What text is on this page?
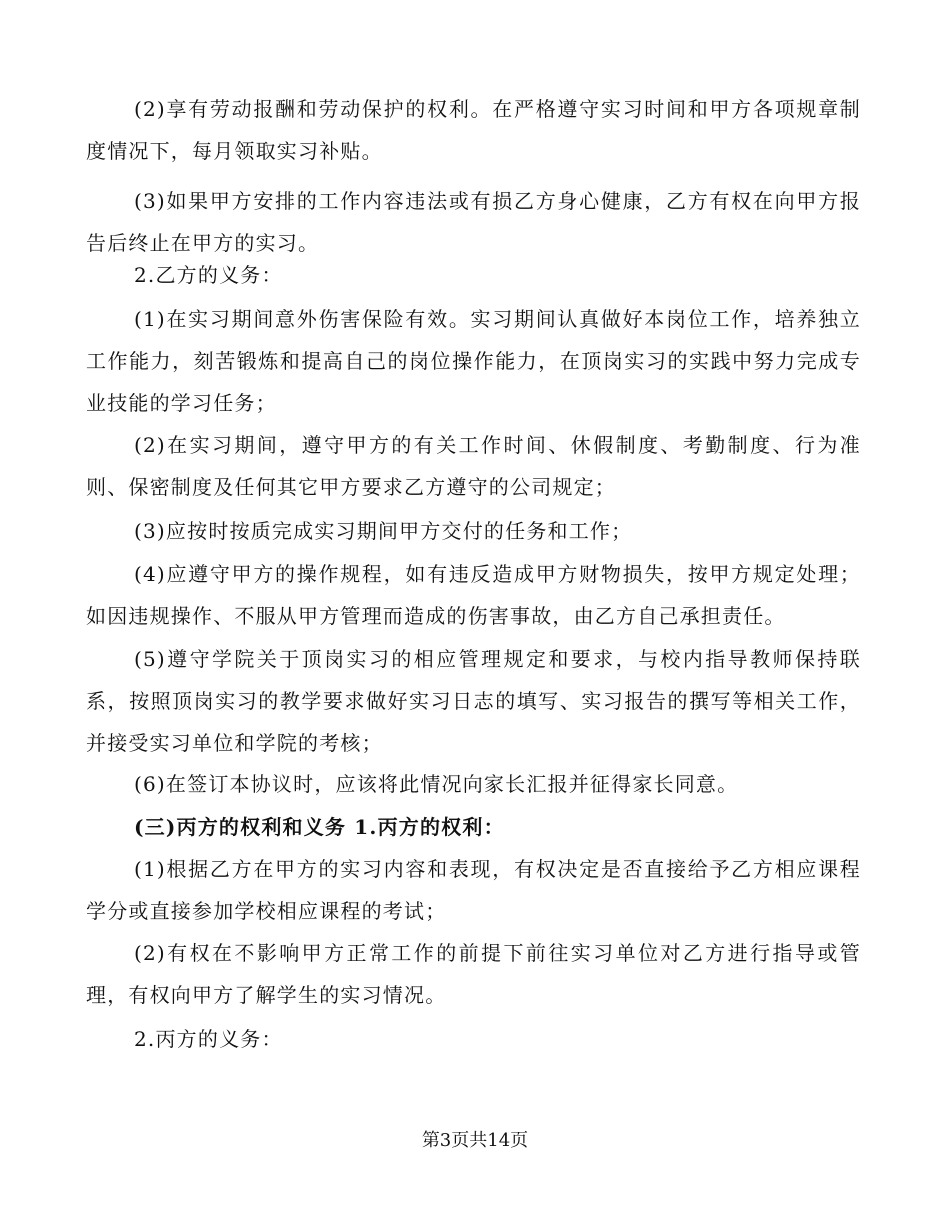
(2)享有劳动报酬和劳动保护的权利。在严格遵守实习时间和甲方各项规章制度情况下，每月领取实习补贴。

(3)如果甲方安排的工作内容违法或有损乙方身心健康，乙方有权在向甲方报告后终止在甲方的实习。

2.乙方的义务：

(1)在实习期间意外伤害保险有效。实习期间认真做好本岗位工作，培养独立工作能力，刻苦锻炼和提高自己的岗位操作能力，在顶岗实习的实践中努力完成专业技能的学习任务；

(2)在实习期间，遵守甲方的有关工作时间、休假制度、考勤制度、行为准则、保密制度及任何其它甲方要求乙方遵守的公司规定；

(3)应按时按质完成实习期间甲方交付的任务和工作；

(4)应遵守甲方的操作规程，如有违反造成甲方财物损失，按甲方规定处理；如因违规操作、不服从甲方管理而造成的伤害事故，由乙方自己承担责任。

(5)遵守学院关于顶岗实习的相应管理规定和要求，与校内指导教师保持联系，按照顶岗实习的教学要求做好实习日志的填写、实习报告的撰写等相关工作，并接受实习单位和学院的考核；

(6)在签订本协议时，应该将此情况向家长汇报并征得家长同意。

(三)丙方的权利和义务 1.丙方的权利：

(1)根据乙方在甲方的实习内容和表现，有权决定是否直接给予乙方相应课程学分或直接参加学校相应课程的考试；

(2)有权在不影响甲方正常工作的前提下前往实习单位对乙方进行指导或管理，有权向甲方了解学生的实习情况。

2.丙方的义务：

第3页共14页
